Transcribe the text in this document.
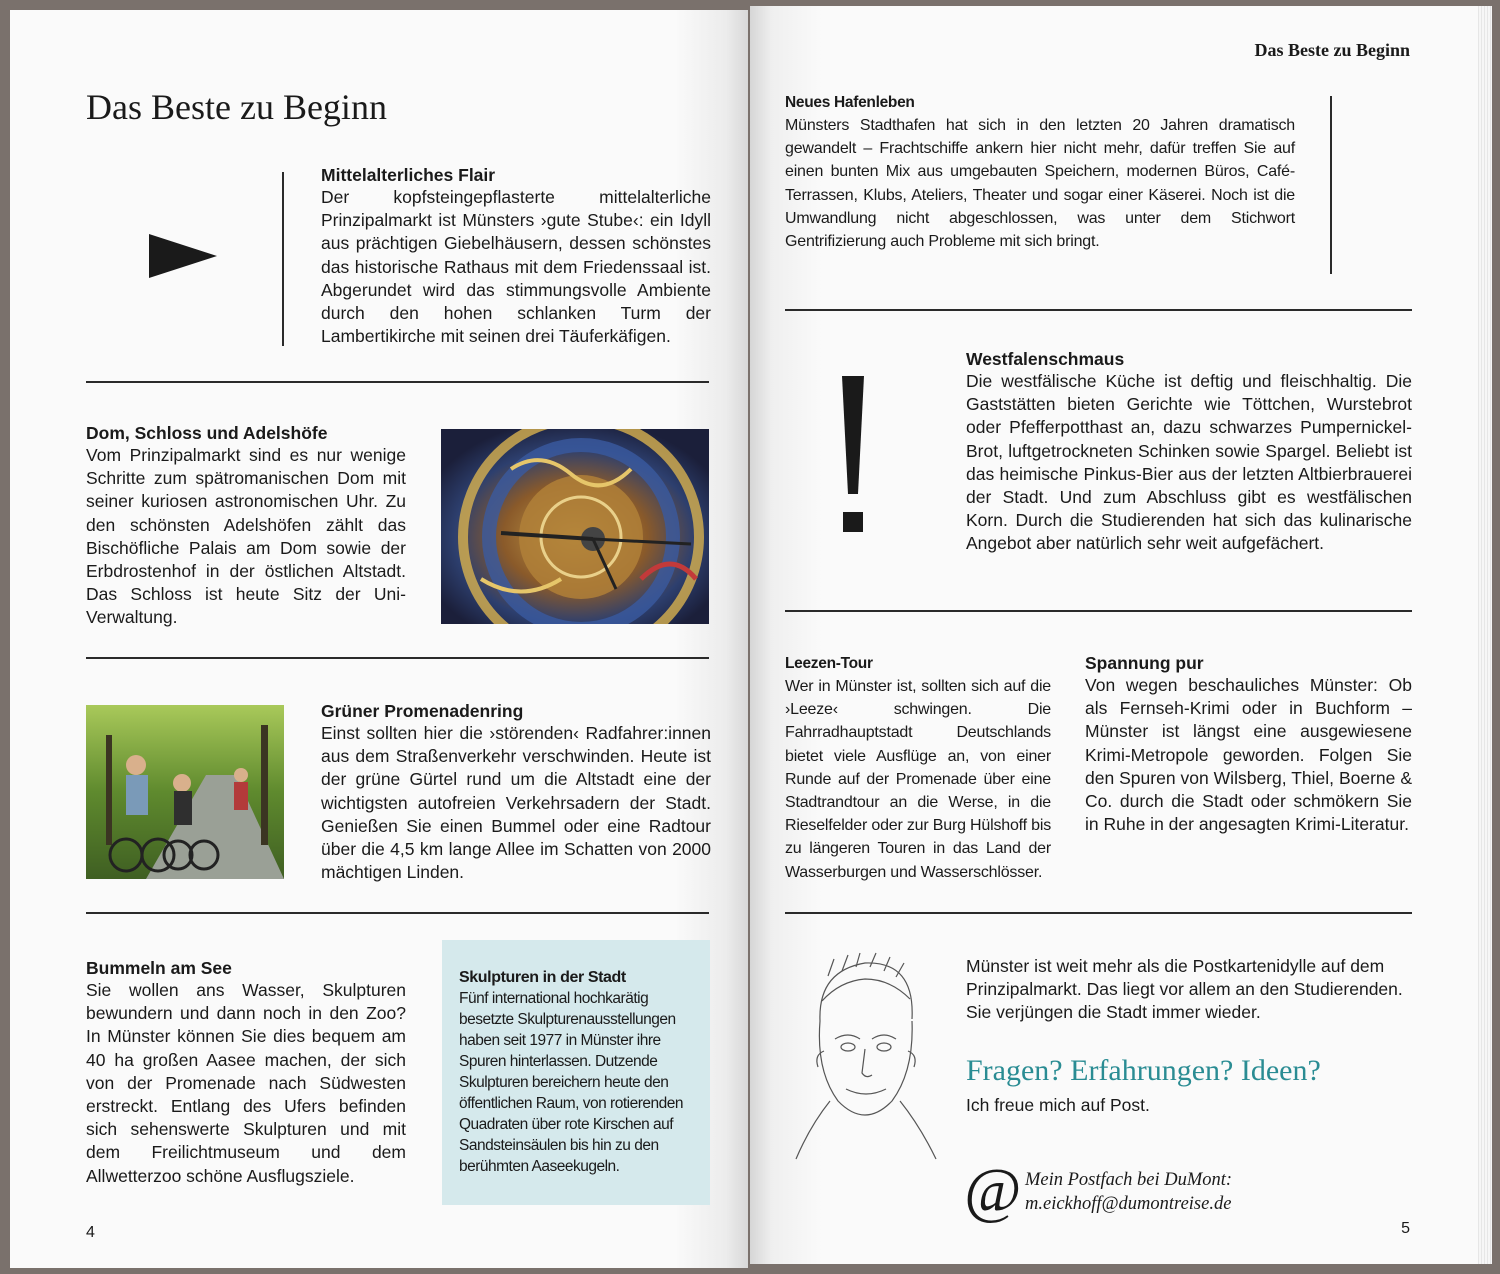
Das Beste zu Beginn
Mittelalterliches Flair
Der kopfsteingepflasterte mittelalterliche Prinzipalmarkt ist Münsters ›gute Stube‹: ein Idyll aus prächtigen Giebelhäusern, dessen schönstes das historische Rathaus mit dem Friedenssaal ist. Abgerundet wird das stimmungsvolle Ambiente durch den hohen schlanken Turm der Lambertikirche mit seinen drei Täuferkäfigen.
Dom, Schloss und Adelshöfe
Vom Prinzipalmarkt sind es nur wenige Schritte zum spätromanischen Dom mit seiner kuriosen astronomischen Uhr. Zu den schönsten Adelshöfen zählt das Bischöfliche Palais am Dom sowie der Erbdrostenhof in der östlichen Altstadt. Das Schloss ist heute Sitz der Uni-Verwaltung.
Grüner Promenadenring
Einst sollten hier die ›störenden‹ Radfahrer:innen aus dem Straßenverkehr verschwinden. Heute ist der grüne Gürtel rund um die Altstadt eine der wichtigsten autofreien Verkehrsadern der Stadt. Genießen Sie einen Bummel oder eine Radtour über die 4,5 km lange Allee im Schatten von 2000 mächtigen Linden.
Bummeln am See
Sie wollen ans Wasser, Skulpturen bewundern und dann noch in den Zoo? In Münster können Sie dies bequem am 40 ha großen Aasee machen, der sich von der Promenade nach Südwesten erstreckt. Entlang des Ufers befinden sich sehenswerte Skulpturen und mit dem Freilichtmuseum und dem Allwetterzoo schöne Ausflugsziele.
Skulpturen in der Stadt
Fünf international hochkarätig besetzte Skulpturenausstellungen haben seit 1977 in Münster ihre Spuren hinterlassen. Dutzende Skulpturen bereichern heute den öffentlichen Raum, von rotierenden Quadraten über rote Kirschen auf Sandsteinsäulen bis hin zu den berühmten Aaseekugeln.
4
Das Beste zu Beginn
Neues Hafenleben
Münsters Stadthafen hat sich in den letzten 20 Jahren dramatisch gewandelt – Frachtschiffe ankern hier nicht mehr, dafür treffen Sie auf einen bunten Mix aus umgebauten Speichern, modernen Büros, Café-Terrassen, Klubs, Ateliers, Theater und sogar einer Käserei. Noch ist die Umwandlung nicht abgeschlossen, was unter dem Stichwort Gentrifizierung auch Probleme mit sich bringt.
Westfalenschmaus
Die westfälische Küche ist deftig und fleischhaltig. Die Gaststätten bieten Gerichte wie Töttchen, Wurstebrot oder Pfefferpotthast an, dazu schwarzes Pumpernickel-Brot, luftgetrockneten Schinken sowie Spargel. Beliebt ist das heimische Pinkus-Bier aus der letzten Altbierbrauerei der Stadt. Und zum Abschluss gibt es westfälischen Korn. Durch die Studierenden hat sich das kulinarische Angebot aber natürlich sehr weit aufgefächert.
Leezen-Tour
Wer in Münster ist, sollten sich auf die ›Leeze‹ schwingen. Die Fahrradhauptstadt Deutschlands bietet viele Ausflüge an, von einer Runde auf der Promenade über eine Stadtrandtour an die Werse, in die Rieselfelder oder zur Burg Hülshoff bis zu längeren Touren in das Land der Wasserburgen und Wasserschlösser.
Spannung pur
Von wegen beschauliches Münster: Ob als Fernseh-Krimi oder in Buchform – Münster ist längst eine ausgewiesene Krimi-Metropole geworden. Folgen Sie den Spuren von Wilsberg, Thiel, Boerne & Co. durch die Stadt oder schmökern Sie in Ruhe in der angesagten Krimi-Literatur.
Münster ist weit mehr als die Postkartenidylle auf dem Prinzipalmarkt. Das liegt vor allem an den Studierenden. Sie verjüngen die Stadt immer wieder.
Fragen? Erfahrungen? Ideen?
Ich freue mich auf Post.
@ Mein Postfach bei DuMont:
m.eickhoff@dumontreise.de
5
